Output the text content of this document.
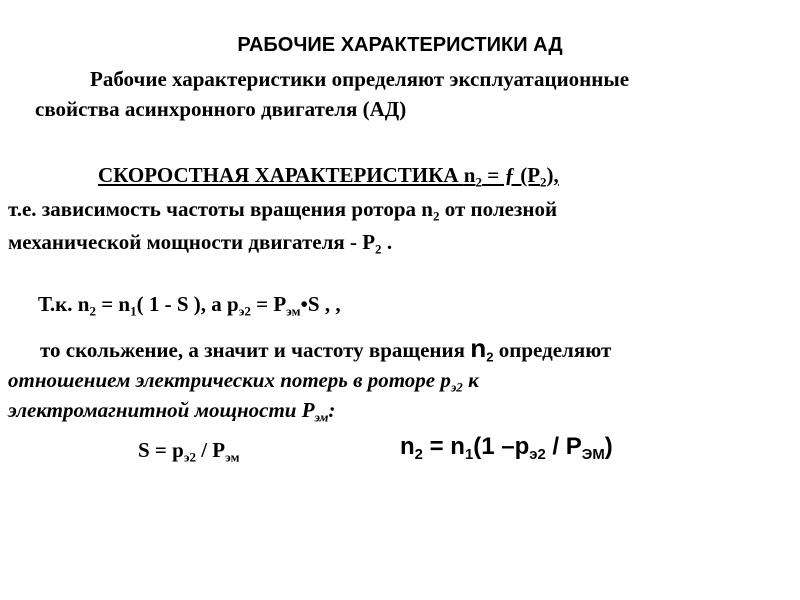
РАБОЧИЕ ХАРАКТЕРИСТИКИ АД
Рабочие характеристики определяют эксплуатационные
свойства асинхронного двигателя (АД)
СКОРОСТНАЯ ХАРАКТЕРИСТИКА $n_2$ = ƒ $(Р_2)$,
т.е. зависимость частоты вращения ротора $n_2$ от полезной
механической мощности двигателя - $Р_2$ .
Т.к. $n_2 = n_1$( 1 - S ), а $р_{э2}$ = $Р_{эм}•S$ , ,
то скольжение, а значит и частоту вращения $n_2$ определяют
отношением электрических потерь в роторе $р_{э2}$ к
электромагнитной мощности $Р_{эм}$:
$S = р_{э2} / Р_{эм}$	$n_2 = n_1(1$ $-р_{э2} / Р_{ЭМ}$)
